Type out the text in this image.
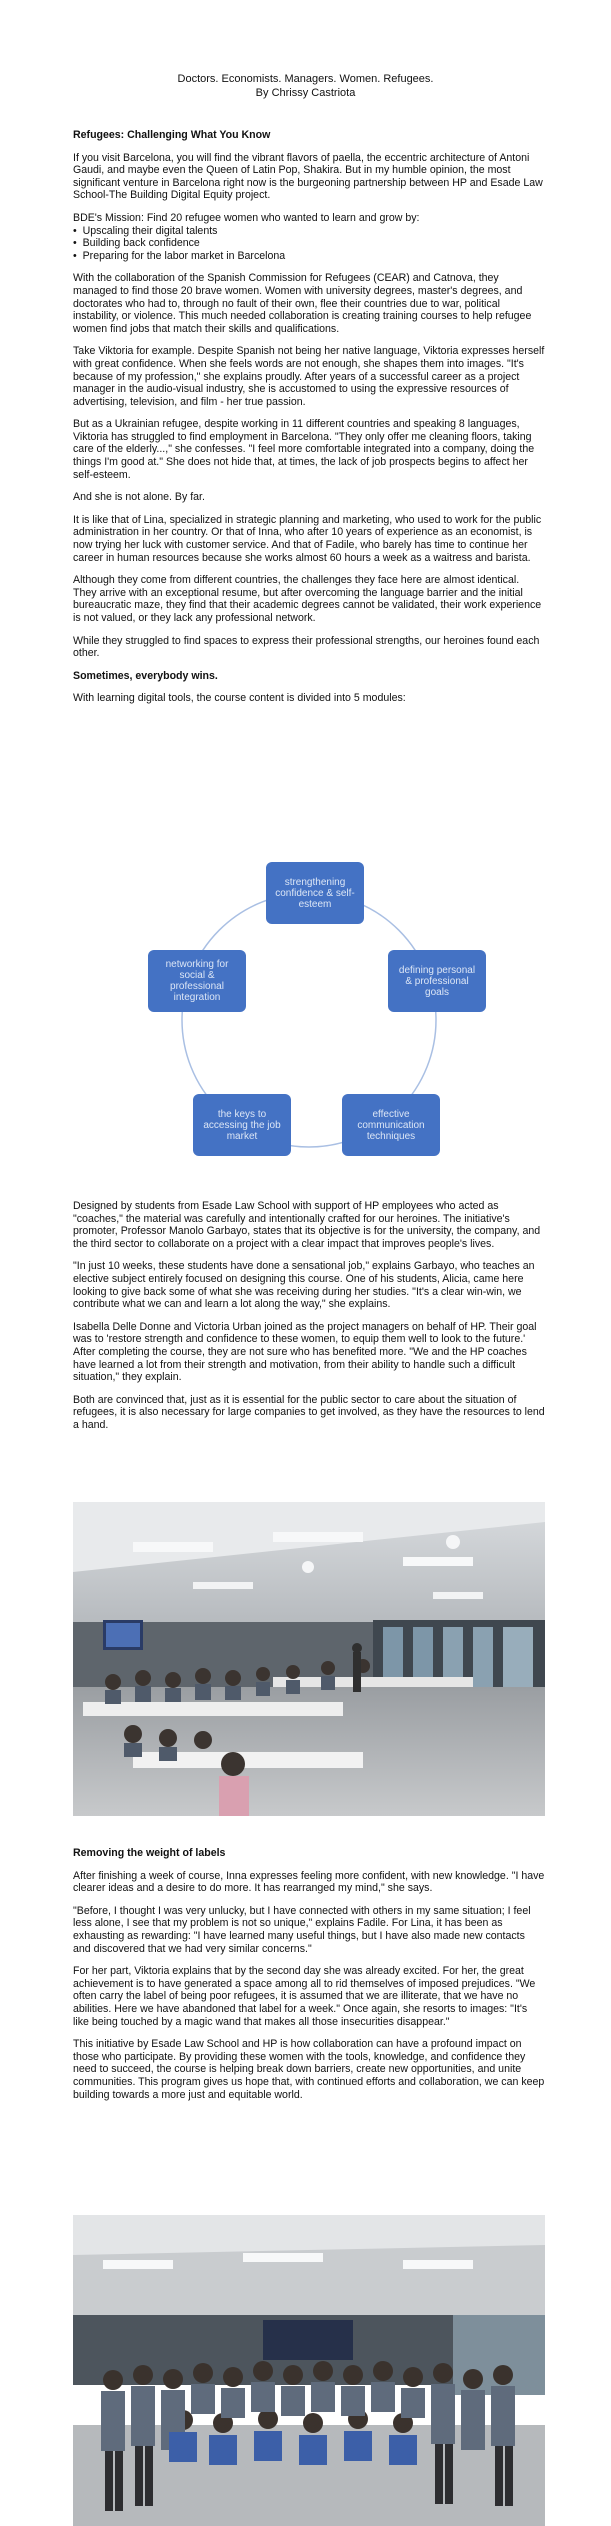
Doctors. Economists. Managers. Women. Refugees.
By Chrissy Castriota

Refugees: Challenging What You Know

If you visit Barcelona, you will find the vibrant flavors of paella, the eccentric architecture of Antoni Gaudi, and maybe even the Queen of Latin Pop, Shakira. But in my humble opinion, the most significant venture in Barcelona right now is the burgeoning partnership between HP and Esade Law School-The Building Digital Equity project.

BDE's Mission: Find 20 refugee women who wanted to learn and grow by:
•  Upscaling their digital talents
•  Building back confidence
•  Preparing for the labor market in Barcelona

With the collaboration of the Spanish Commission for Refugees (CEAR) and Catnova, they managed to find those 20 brave women. Women with university degrees, master's degrees, and doctorates who had to, through no fault of their own, flee their countries due to war, political instability, or violence. This much needed collaboration is creating training courses to help refugee women find jobs that match their skills and qualifications.

Take Viktoria for example. Despite Spanish not being her native language, Viktoria expresses herself with great confidence. When she feels words are not enough, she shapes them into images. "It's because of my profession," she explains proudly. After years of a successful career as a project manager in the audio-visual industry, she is accustomed to using the expressive resources of advertising, television, and film - her true passion.

But as a Ukrainian refugee, despite working in 11 different countries and speaking 8 languages, Viktoria has struggled to find employment in Barcelona. "They only offer me cleaning floors, taking care of the elderly...," she confesses. "I feel more comfortable integrated into a company, doing the things I'm good at." She does not hide that, at times, the lack of job prospects begins to affect her self-esteem.

And she is not alone. By far.

It is like that of Lina, specialized in strategic planning and marketing, who used to work for the public administration in her country. Or that of Inna, who after 10 years of experience as an economist, is now trying her luck with customer service. And that of Fadile, who barely has time to continue her career in human resources because she works almost 60 hours a week as a waitress and barista.

Although they come from different countries, the challenges they face here are almost identical. They arrive with an exceptional resume, but after overcoming the language barrier and the initial bureaucratic maze, they find that their academic degrees cannot be validated, their work experience is not valued, or they lack any professional network.

While they struggled to find spaces to express their professional strengths, our heroines found each other.

Sometimes, everybody wins.

With learning digital tools, the course content is divided into 5 modules:

strengthening confidence & self-esteem
defining personal & professional goals
effective communication techniques
the keys to accessing the job market
networking for social & professional integration

Designed by students from Esade Law School with support of HP employees who acted as "coaches," the material was carefully and intentionally crafted for our heroines. The initiative's promoter, Professor Manolo Garbayo, states that its objective is for the university, the company, and the third sector to collaborate on a project with a clear impact that improves people's lives.

"In just 10 weeks, these students have done a sensational job," explains Garbayo, who teaches an elective subject entirely focused on designing this course. One of his students, Alicia, came here looking to give back some of what she was receiving during her studies. "It's a clear win-win, we contribute what we can and learn a lot along the way," she explains.

Isabella Delle Donne and Victoria Urban joined as the project managers on behalf of HP. Their goal was to 'restore strength and confidence to these women, to equip them well to look to the future.' After completing the course, they are not sure who has benefited more. "We and the HP coaches have learned a lot from their strength and motivation, from their ability to handle such a difficult situation," they explain.

Both are convinced that, just as it is essential for the public sector to care about the situation of refugees, it is also necessary for large companies to get involved, as they have the resources to lend a hand.

Removing the weight of labels

After finishing a week of course, Inna expresses feeling more confident, with new knowledge. "I have clearer ideas and a desire to do more. It has rearranged my mind," she says.

"Before, I thought I was very unlucky, but I have connected with others in my same situation; I feel less alone, I see that my problem is not so unique," explains Fadile. For Lina, it has been as exhausting as rewarding: "I have learned many useful things, but I have also made new contacts and discovered that we had very similar concerns."

For her part, Viktoria explains that by the second day she was already excited. For her, the great achievement is to have generated a space among all to rid themselves of imposed prejudices. "We often carry the label of being poor refugees, it is assumed that we are illiterate, that we have no abilities. Here we have abandoned that label for a week." Once again, she resorts to images: "It's like being touched by a magic wand that makes all those insecurities disappear."

This initiative by Esade Law School and HP is how collaboration can have a profound impact on those who participate. By providing these women with the tools, knowledge, and confidence they need to succeed, the course is helping break down barriers, create new opportunities, and unite communities. This program gives us hope that, with continued efforts and collaboration, we can keep building towards a more just and equitable world.
